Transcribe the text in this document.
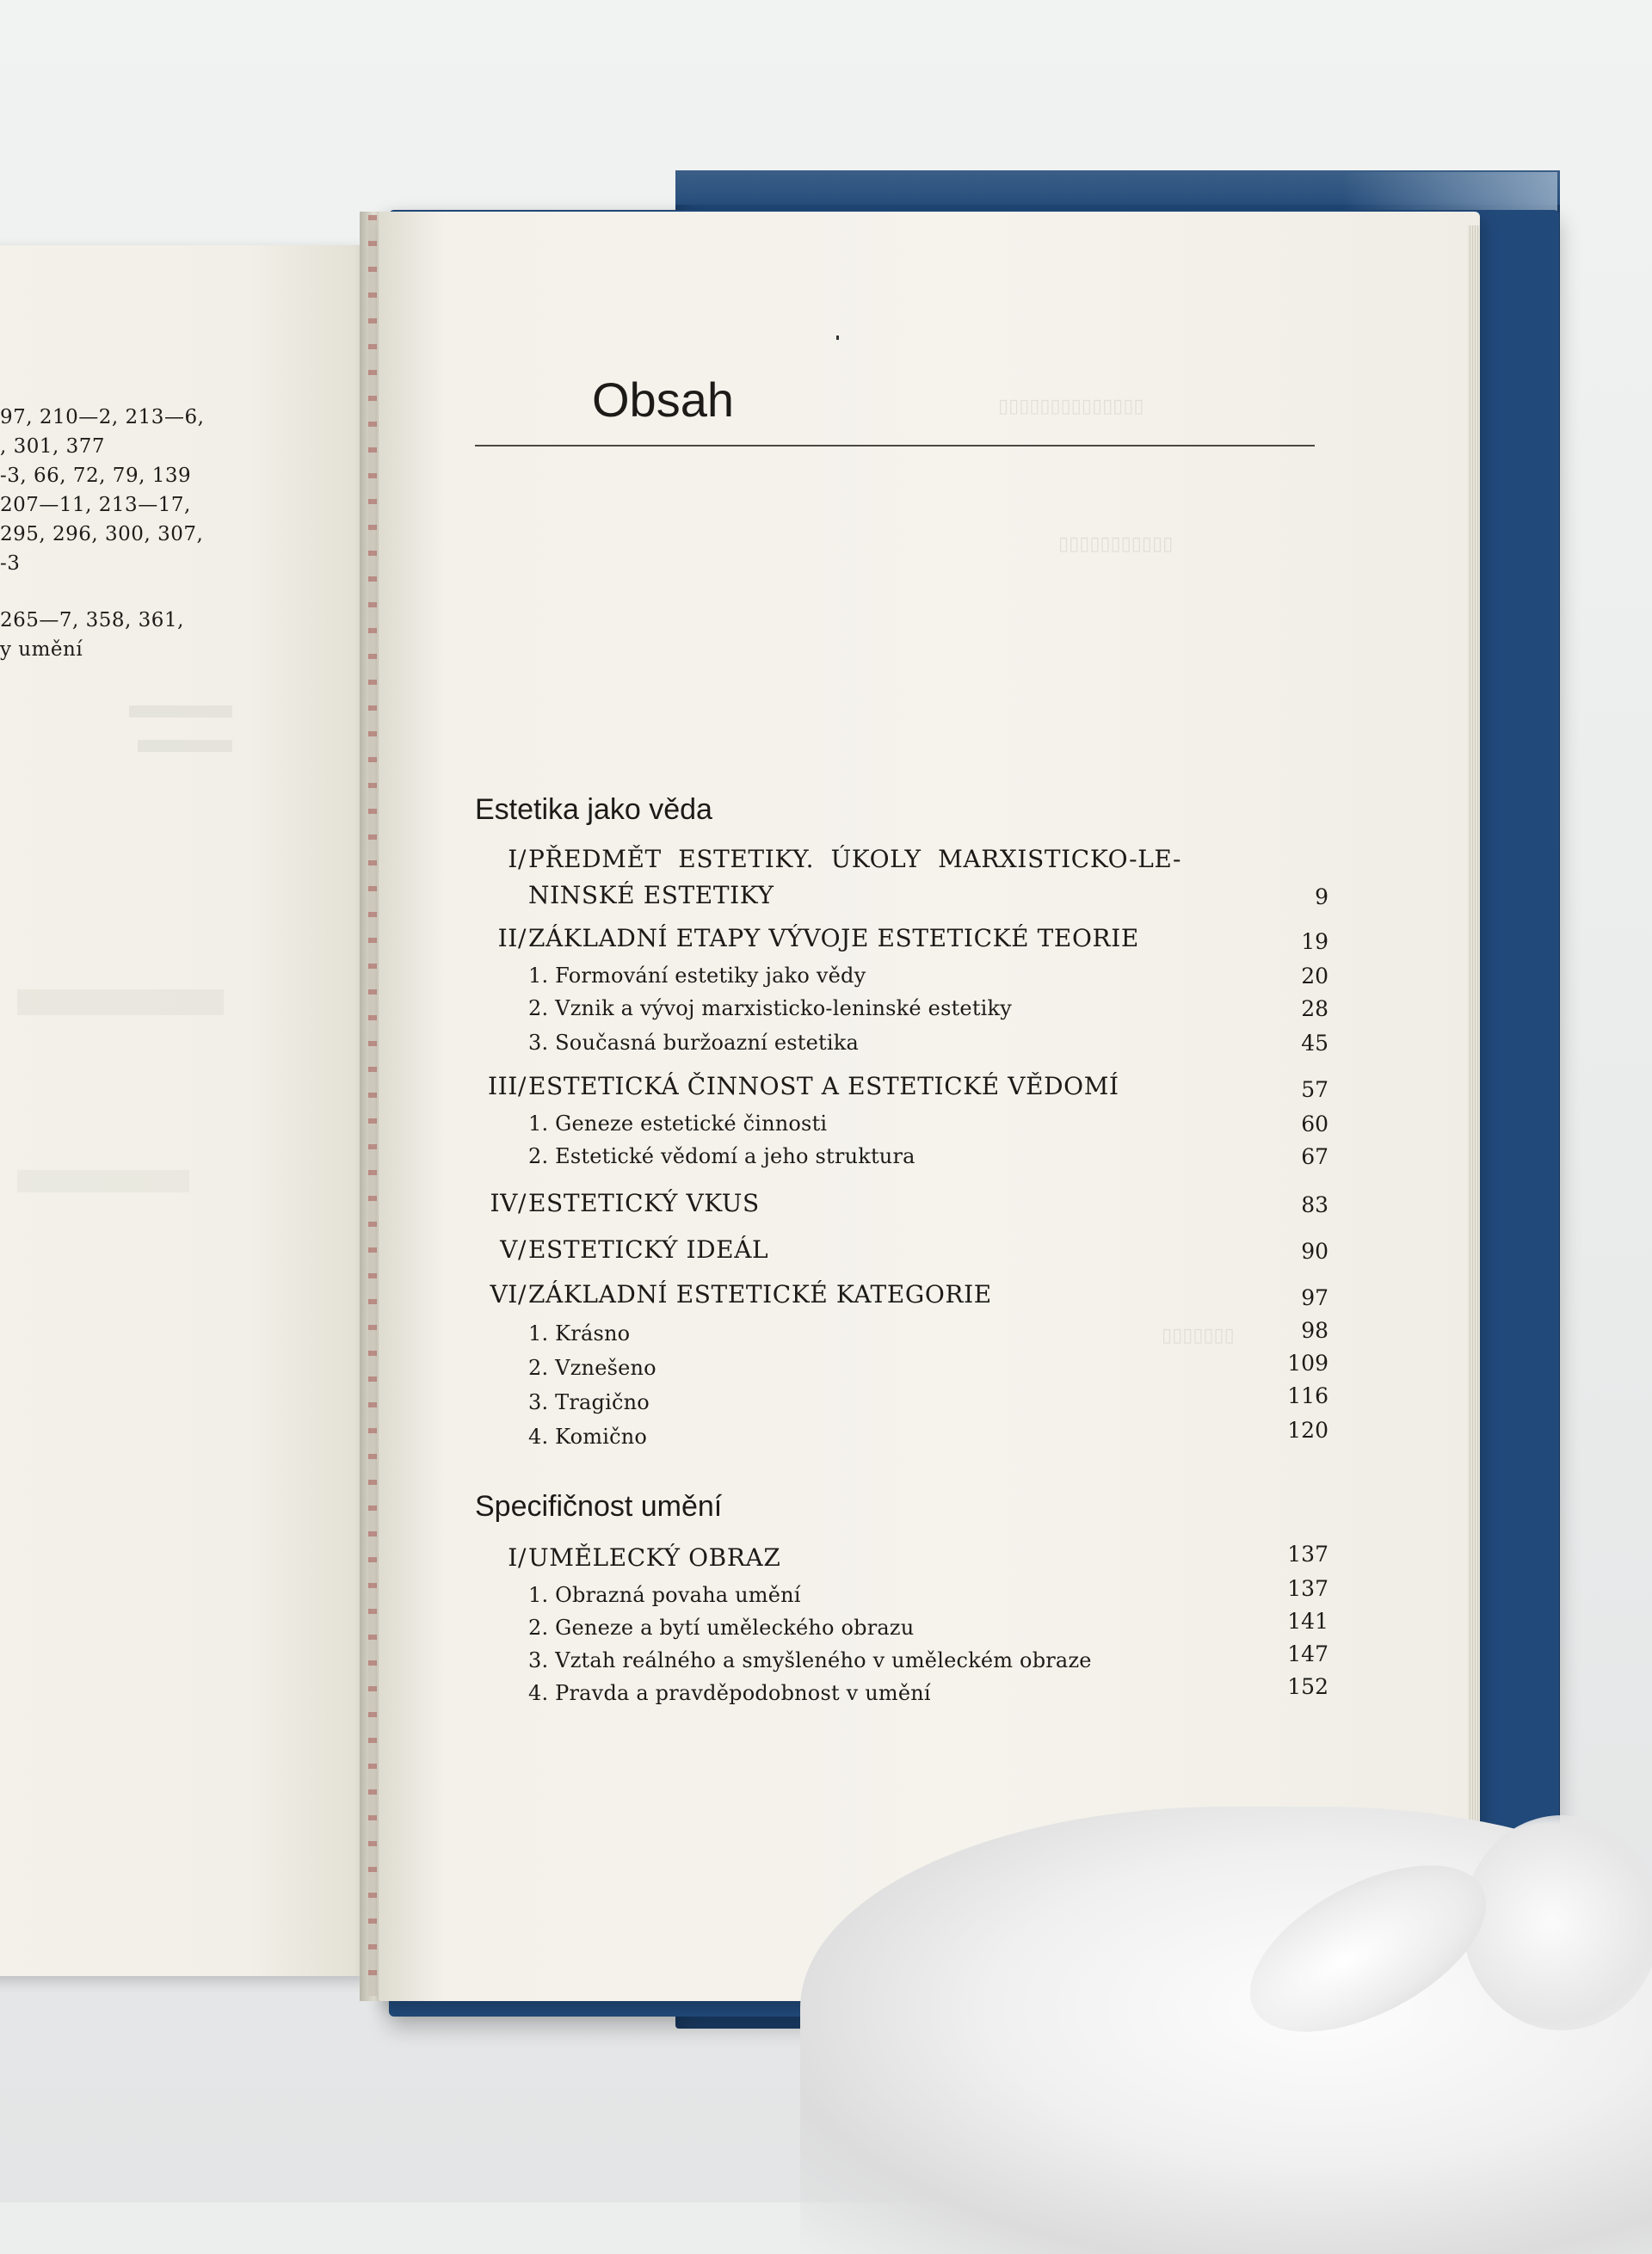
97, 210—2, 213—6,
, 301, 377
-3, 66, 72, 79, 139
207—11, 213—17,
295, 296, 300, 307,
-3
265—7, 358, 361,
y umění
▯▯▯▯▯▯▯▯▯▯▯▯▯▯
▯▯▯▯▯▯▯▯▯▯▯
▯▯▯▯▯▯▯
Obsah
Estetika jako věda
I/ PŘEDMĚT ESTETIKY. ÚKOLY MARXISTICKO-LE-
NINSKÉ ESTETIKY	9
II/ ZÁKLADNÍ ETAPY VÝVOJE ESTETICKÉ TEORIE	19
1. Formování estetiky jako vědy	20
2. Vznik a vývoj marxisticko-leninské estetiky	28
3. Současná buržoazní estetika	45
III/ ESTETICKÁ ČINNOST A ESTETICKÉ VĚDOMÍ	57
1. Geneze estetické činnosti	60
2. Estetické vědomí a jeho struktura	67
IV/ ESTETICKÝ VKUS	83
V/ ESTETICKÝ IDEÁL	90
VI/ ZÁKLADNÍ ESTETICKÉ KATEGORIE	97
1. Krásno	98
2. Vznešeno	109
3. Tragično	116
4. Komično	120
Specifičnost umění
I/ UMĚLECKÝ OBRAZ	137
1. Obrazná povaha umění	137
2. Geneze a bytí uměleckého obrazu	141
3. Vztah reálného a smyšleného v uměleckém obraze	147
4. Pravda a pravděpodobnost v umění	152
